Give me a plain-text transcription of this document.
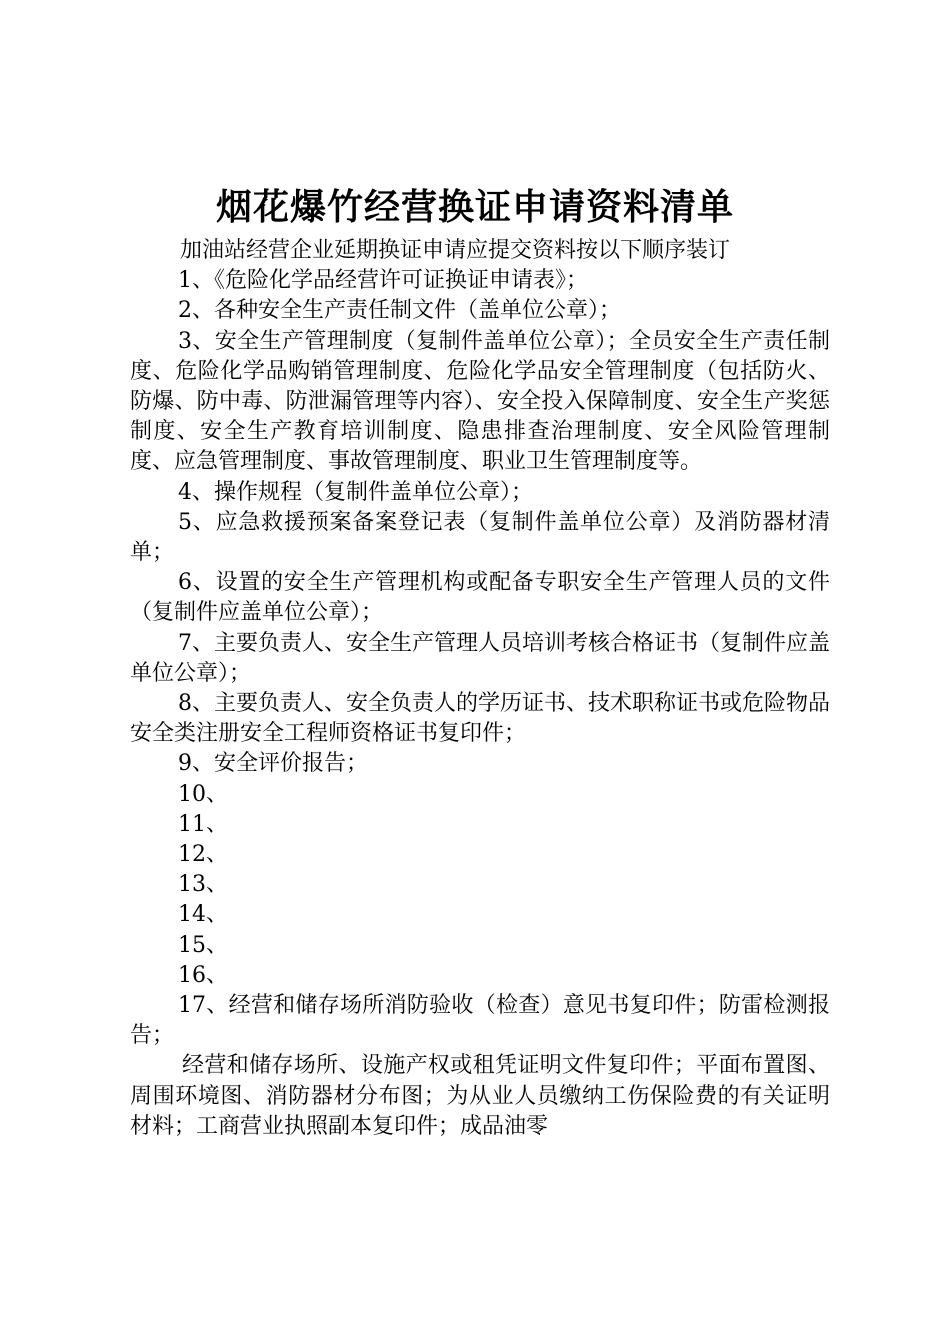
烟花爆竹经营换证申请资料清单

加油站经营企业延期换证申请应提交资料按以下顺序装订

1、《危险化学品经营许可证换证申请表》；

2、各种安全生产责任制文件（盖单位公章）；

3、安全生产管理制度（复制件盖单位公章）；全员安全生产责任制度、危险化学品购销管理制度、危险化学品安全管理制度（包括防火、防爆、防中毒、防泄漏管理等内容）、安全投入保障制度、安全生产奖惩制度、安全生产教育培训制度、隐患排查治理制度、安全风险管理制度、应急管理制度、事故管理制度、职业卫生管理制度等。

4、操作规程（复制件盖单位公章）；

5、应急救援预案备案登记表（复制件盖单位公章）及消防器材清单；

6、设置的安全生产管理机构或配备专职安全生产管理人员的文件（复制件应盖单位公章）；

7、主要负责人、安全生产管理人员培训考核合格证书（复制件应盖单位公章）；

8、主要负责人、安全负责人的学历证书、技术职称证书或危险物品安全类注册安全工程师资格证书复印件；

9、安全评价报告；

10、

11、

12、

13、

14、

15、

16、

17、经营和储存场所消防验收（检查）意见书复印件；防雷检测报告；

经营和储存场所、设施产权或租凭证明文件复印件；平面布置图、周围环境图、消防器材分布图；为从业人员缴纳工伤保险费的有关证明材料；工商营业执照副本复印件；成品油零
